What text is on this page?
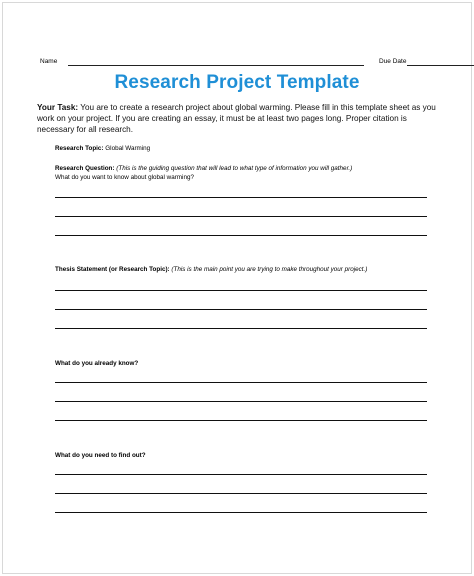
Name	Due Date
Research Project Template
Your Task: You are to create a research project about global warming. Please fill in this template sheet as you work on your project. If you are creating an essay, it must be at least two pages long. Proper citation is necessary for all research.
Research Topic: Global Warming
Research Question: (This is the guiding question that will lead to what type of information you will gather.)
What do you want to know about global warming?
Thesis Statement (or Research Topic): (This is the main point you are trying to make throughout your project.)
What do you already know?
What do you need to find out?
